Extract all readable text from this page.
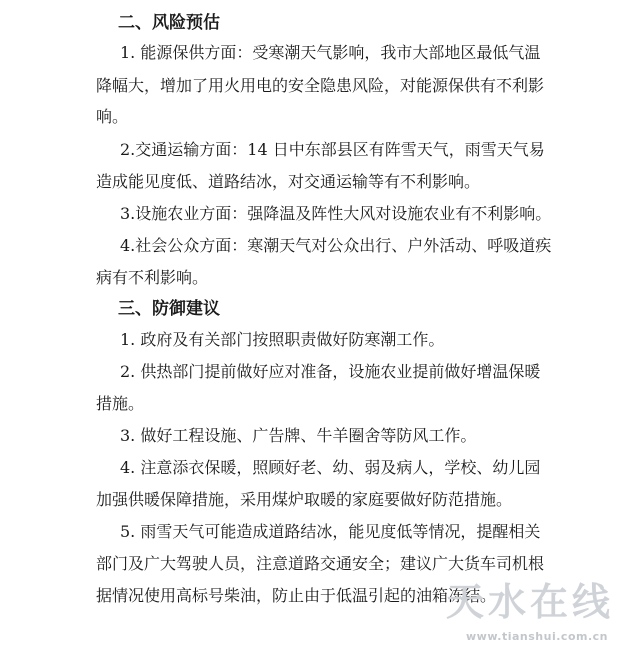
二、风险预估
1. 能源保供方面：受寒潮天气影响，我市大部地区最低气温
降幅大，增加了用火用电的安全隐患风险，对能源保供有不利影
响。
2.交通运输方面：14 日中东部县区有阵雪天气，雨雪天气易
造成能见度低、道路结冰，对交通运输等有不利影响。
3.设施农业方面：强降温及阵性大风对设施农业有不利影响。
4.社会公众方面：寒潮天气对公众出行、户外活动、呼吸道疾
病有不利影响。
三、防御建议
1. 政府及有关部门按照职责做好防寒潮工作。
2. 供热部门提前做好应对准备，设施农业提前做好增温保暖
措施。
3. 做好工程设施、广告牌、牛羊圈舍等防风工作。
4. 注意添衣保暖，照顾好老、幼、弱及病人，学校、幼儿园
加强供暖保障措施，采用煤炉取暖的家庭要做好防范措施。
5. 雨雪天气可能造成道路结冰，能见度低等情况，提醒相关
部门及广大驾驶人员，注意道路交通安全；建议广大货车司机根
据情况使用高标号柴油，防止由于低温引起的油箱冻结。
天水在线
www.tianshui.com.cn
